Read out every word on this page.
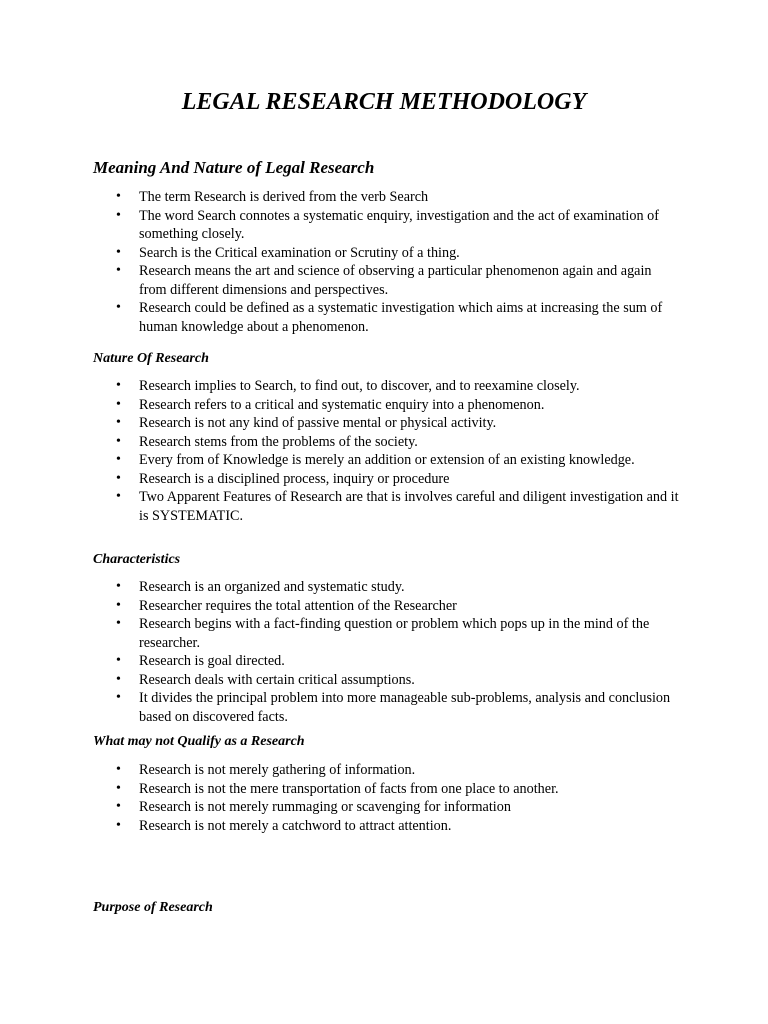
LEGAL RESEARCH METHODOLOGY
Meaning And Nature of Legal Research
• The term Research is derived from the verb Search
• The word Search connotes a systematic enquiry, investigation and the act of examination of something closely.
• Search is the Critical examination or Scrutiny of a thing.
• Research means the art and science of observing a particular phenomenon again and again from different dimensions and perspectives.
• Research could be defined as a systematic investigation which aims at increasing the sum of human knowledge about a phenomenon.
Nature Of Research
• Research implies to Search, to find out, to discover, and to reexamine closely.
• Research refers to a critical and systematic enquiry into a phenomenon.
• Research is not any kind of passive mental or physical activity.
• Research stems from the problems of the society.
• Every from of Knowledge is merely an addition or extension of an existing knowledge.
• Research is a disciplined process, inquiry or procedure
• Two Apparent Features of Research are that is involves careful and diligent investigation and it is SYSTEMATIC.
Characteristics
• Research is an organized and systematic study.
• Researcher requires the total attention of the Researcher
• Research begins with a fact-finding question or problem which pops up in the mind of the researcher.
• Research is goal directed.
• Research deals with certain critical assumptions.
• It divides the principal problem into more manageable sub-problems, analysis and conclusion based on discovered facts.
What may not Qualify as a Research
• Research is not merely gathering of information.
• Research is not the mere transportation of facts from one place to another.
• Research is not merely rummaging or scavenging for information
• Research is not merely a catchword to attract attention.
Purpose of Research
